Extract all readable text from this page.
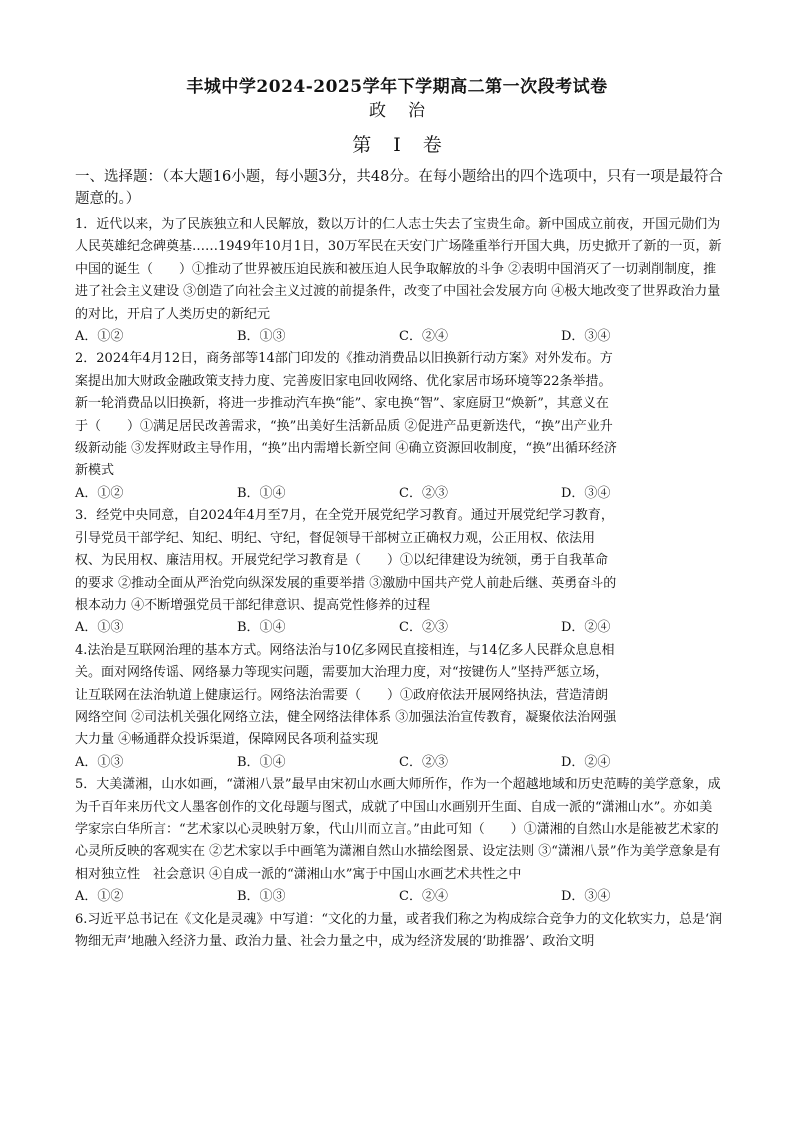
丰城中学2024-2025学年下学期高二第一次段考试卷
政治
第 I 卷
一、选择题：（本大题16小题，每小题3分，共48分。在每小题给出的四个选项中，只有一项是最符合题意的。）
1．近代以来，为了民族独立和人民解放，数以万计的仁人志士失去了宝贵生命。新中国成立前夜，开国元勋们为人民英雄纪念碑奠基……1949年10月1日，30万军民在天安门广场隆重举行开国大典，历史掀开了新的一页，新中国的诞生（　　）①推动了世界被压迫民族和被压迫人民争取解放的斗争 ②表明中国消灭了一切剥削制度，推进了社会主义建设 ③创造了向社会主义过渡的前提条件，改变了中国社会发展方向 ④极大地改变了世界政治力量的对比，开启了人类历史的新纪元
A．①②	B．①③	C．②④	D．③④
2．2024年4月12日，商务部等14部门印发的《推动消费品以旧换新行动方案》对外发布。方案提出加大财政金融政策支持力度、完善废旧家电回收网络、优化家居市场环境等22条举措。新一轮消费品以旧换新，将进一步推动汽车换“能”、家电换“智”、家庭厨卫“焕新”，其意义在于（　　）①满足居民改善需求，“换”出美好生活新品质 ②促进产品更新迭代，“换”出产业升级新动能 ③发挥财政主导作用，“换”出内需增长新空间 ④确立资源回收制度，“换”出循环经济新模式
A．①②	B．①④	C．②③	D．③④
3．经党中央同意，自2024年4月至7月，在全党开展党纪学习教育。通过开展党纪学习教育，引导党员干部学纪、知纪、明纪、守纪，督促领导干部树立正确权力观，公正用权、依法用权、为民用权、廉洁用权。开展党纪学习教育是（　　）①以纪律建设为统领，勇于自我革命的要求 ②推动全面从严治党向纵深发展的重要举措 ③激励中国共产党人前赴后继、英勇奋斗的根本动力 ④不断增强党员干部纪律意识、提高党性修养的过程
A．①③	B．①④	C．②③	D．②④
4.法治是互联网治理的基本方式。网络法治与10亿多网民直接相连，与14亿多人民群众息息相关。面对网络传谣、网络暴力等现实问题，需要加大治理力度，对“按键伤人”坚持严惩立场，让互联网在法治轨道上健康运行。网络法治需要（　　）①政府依法开展网络执法，营造清朗网络空间 ②司法机关强化网络立法，健全网络法律体系 ③加强法治宣传教育，凝聚依法治网强大力量 ④畅通群众投诉渠道，保障网民各项利益实现
A．①③	B．①④	C．②③	D．②④
5．大美潇湘，山水如画，“潇湘八景”最早由宋初山水画大师所作，作为一个超越地域和历史范畴的美学意象，成为千百年来历代文人墨客创作的文化母题与图式，成就了中国山水画别开生面、自成一派的“潇湘山水”。亦如美学家宗白华所言：“艺术家以心灵映射万象，代山川而立言。”由此可知（　　）①潇湘的自然山水是能被艺术家的心灵所反映的客观实在 ②艺术家以手中画笔为潇湘自然山水描绘图景、设定法则 ③“潇湘八景”作为美学意象是有相对独立性　社会意识 ④自成一派的“潇湘山水”寓于中国山水画艺术共性之中
A．①②	B．①③	C．②④	D．③④
6.习近平总书记在《文化是灵魂》中写道：“文化的力量，或者我们称之为构成综合竞争力的文化软实力，总是‘润物细无声’地融入经济力量、政治力量、社会力量之中，成为经济发展的‘助推器’、政治文明
